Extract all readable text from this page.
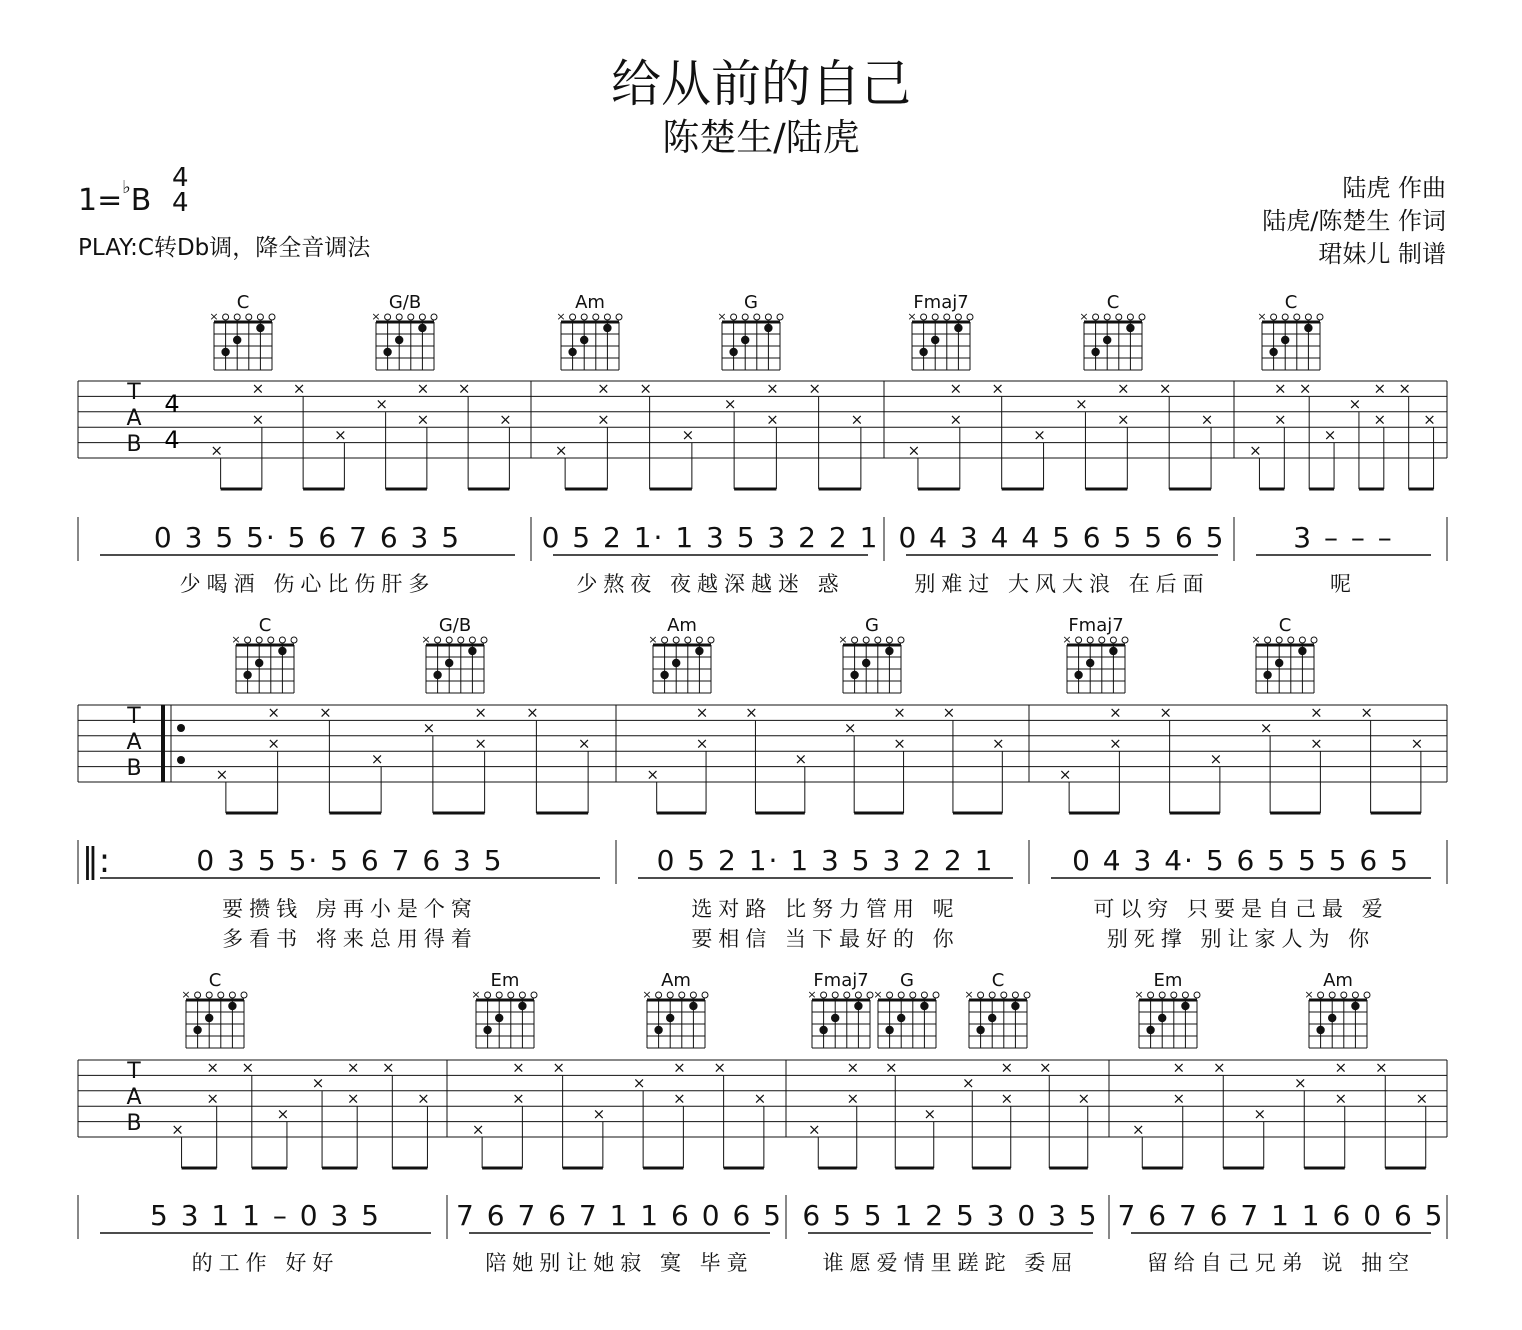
给从前的自己
陈楚生/陆虎
1=♭B
4
4
PLAY:C转Db调，降全音调法
陆虎 作曲
陆虎/陈楚生 作词
珺妹儿 制谱
C
×
G/B
×
Am
×
G
×
Fmaj7
×
C
×
C
×
T
A
B	×
×
× ×
×
×
×
× ×
×
×
×
× ×
×
×
×
× ×
×
×
×
× ×
×
×
×
× ×
×
×
×
× ×
×
×
×
× ×
×
0 3 5 5· 5 6 7 6 3 5
少喝酒 伤心比伤肝多
0 5 2 1· 1 3 5 3 2 2 1
少熬夜 夜越深越迷 惑
0 4 3 4 4 5 6 5 5 6 5
别难过 大风大浪 在后面
3 – – –
呢
4
4
C
×
G/B
×
Am
×
G
×
Fmaj7
×
C
×
T
A
B	×
×
×	×
×
×
×
×	×
×
×
×
× ×
×
×
×
× ×
×
×
×
×	×
×
×
×
×	×
×
‖:	0 3 5 5· 5 6 7 6 3 5
要攒钱 房再小是个窝
多看书 将来总用得着
0 5 2 1· 1 3 5 3 2 2 1
选对路 比努力管用 呢
要相信 当下最好的 你
0 4 3 4· 5 6 5 5 5 6 5
可以穷 只要是自己最 爱
别死撑 别让家人为 你
C
×
Em
×
Am
×
Fmaj7
×
G
×
C
×
Em
×
Am
×
T
A
B ×
×
× ×
×
×
×
× ×
×
×
×
× ×
×
×
×
× ×
×
×
×
× ×
×
×
×
× ×
×
×
×
× ×
×
×
×
× ×
×
5 3 1 1 – 0 3 5
的工作 好好
7 6 7 6 7 1 1 6 0 6 5
陪她别让她寂 寞 毕竟
6 5 5 1 2 5 3 0 3 5
谁愿爱情里蹉跎 委屈
7 6 7 6 7 1 1 6 0 6 5
留给自己兄弟 说 抽空
